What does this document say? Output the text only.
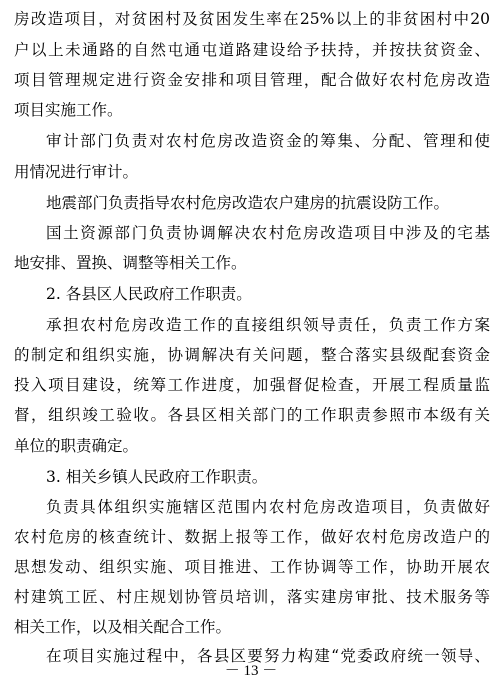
房改造项目，对贫困村及贫困发生率在25%以上的非贫困村中20
户以上未通路的自然屯通屯道路建设给予扶持，并按扶贫资金、
项目管理规定进行资金安排和项目管理，配合做好农村危房改造
项目实施工作。
审计部门负责对农村危房改造资金的筹集、分配、管理和使
用情况进行审计。
地震部门负责指导农村危房改造农户建房的抗震设防工作。
国土资源部门负责协调解决农村危房改造项目中涉及的宅基
地安排、置换、调整等相关工作。
2. 各县区人民政府工作职责。
承担农村危房改造工作的直接组织领导责任，负责工作方案
的制定和组织实施，协调解决有关问题，整合落实县级配套资金
投入项目建设，统筹工作进度，加强督促检查，开展工程质量监
督，组织竣工验收。各县区相关部门的工作职责参照市本级有关
单位的职责确定。
3. 相关乡镇人民政府工作职责。
负责具体组织实施辖区范围内农村危房改造项目，负责做好
农村危房的核查统计、数据上报等工作，做好农村危房改造户的
思想发动、组织实施、项目推进、工作协调等工作，协助开展农
村建筑工匠、村庄规划协管员培训，落实建房审批、技术服务等
相关工作，以及相关配合工作。
在项目实施过程中，各县区要努力构建“党委政府统一领导、
－ 13 －
